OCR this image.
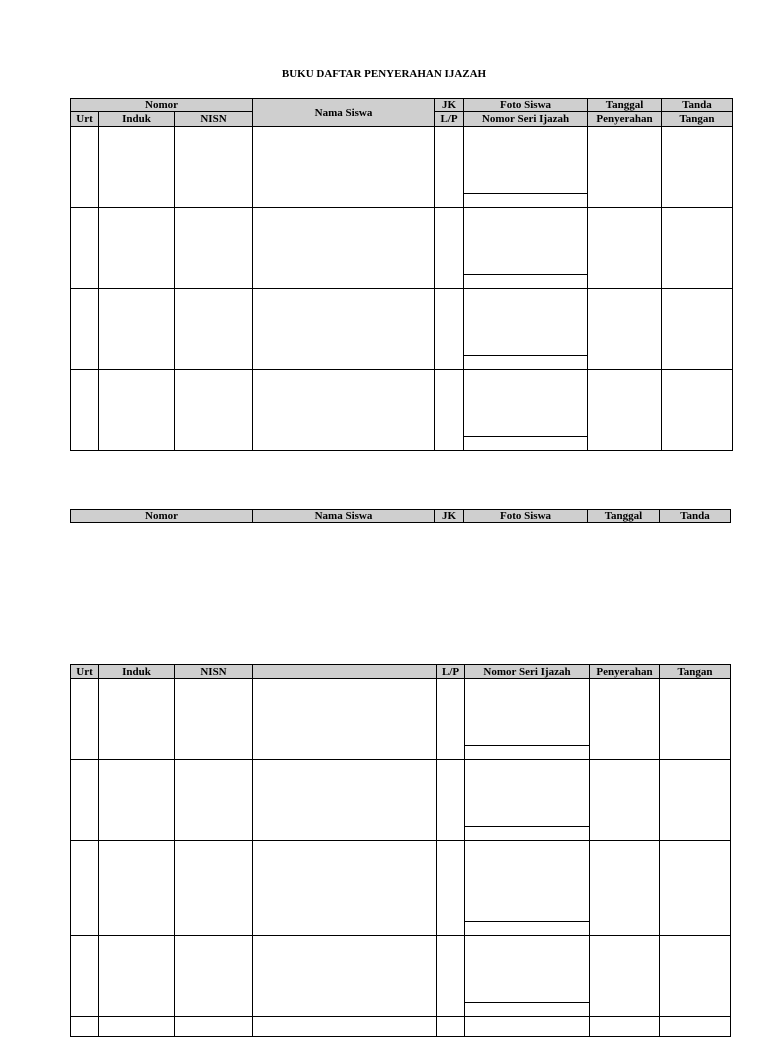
BUKU DAFTAR PENYERAHAN IJAZAH
Nomor			Nama Siswa	JK	Foto Siswa	Tanggal	Tanda
Urt	Induk	NISN		L/P	Nomor Seri Ijazah	Penyerahan	Tangan

Nomor	Nama Siswa	JK	Foto Siswa	Tanggal	Tanda
Urt	Induk	NISN		L/P	Nomor Seri Ijazah	Penyerahan	Tangan
